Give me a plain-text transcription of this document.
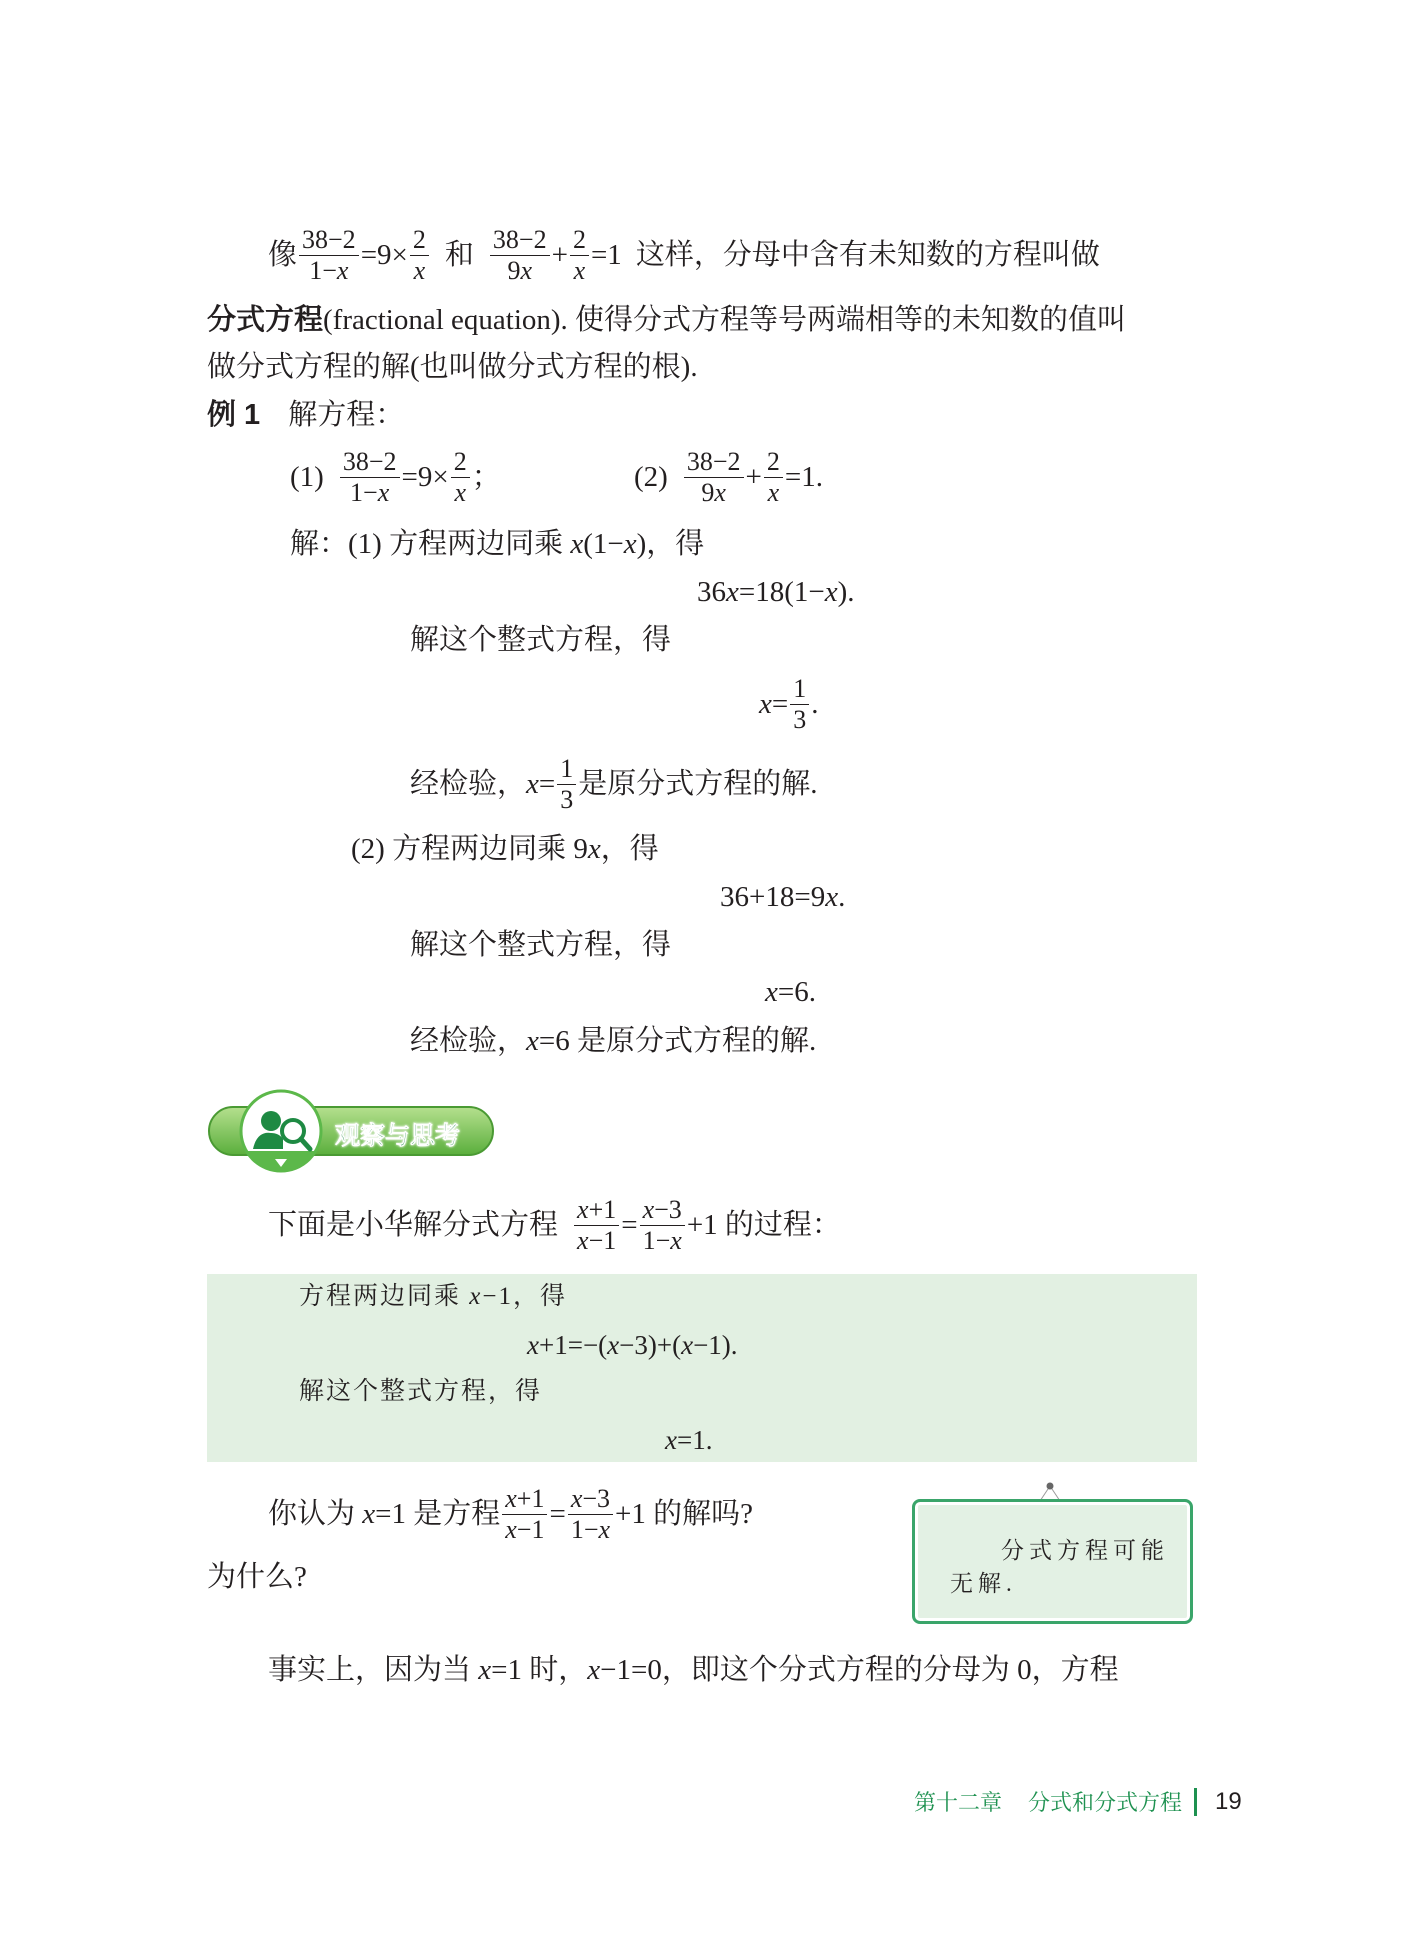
像 $\frac{38-2}{1-x} =9\times \frac{2}{x}$ 和 $\frac{38-2}{9x} + \frac{2}{x} =1$ 这样，分母中含有未知数的方程叫做
分式方程 (fractional equation). 使得分式方程等号两端相等的未知数的值叫
做分式方程的解(也叫做分式方程的根).
例 1 解方程：
$(1) \frac{38-2}{1-x} =9\times \frac{2}{x}$ ；	$(2) \frac{38-2}{9x} + \frac{2}{x} =1$.
解：(1) 方程两边同乘 x(1−x)，得
36x=18(1−x).
解这个整式方程，得
$x= \frac{1}{3}$ .
经检验，$x= \frac{1}{3}$ 是原分式方程的解.
(2) 方程两边同乘 9x，得
36+18=9x.
解这个整式方程，得
x=6.
经检验，x=6 是原分式方程的解.
观察与思考
下面是小华解分式方程 $\frac{x+1}{x-1} = \frac{x-3}{1-x} +1$ 的过程：
方程两边同乘 x−1，得
x+1=−(x−3)+(x−1).
解这个整式方程，得
x=1.
你认为 x=1 是方程 $\frac{x+1}{x-1} = \frac{x-3}{1-x} +1$ 的解吗?
为什么?
分式方程可能
无解.
事实上，因为当 x=1 时，x−1=0，即这个分式方程的分母为 0，方程
第十二章 分式和分式方程 19
